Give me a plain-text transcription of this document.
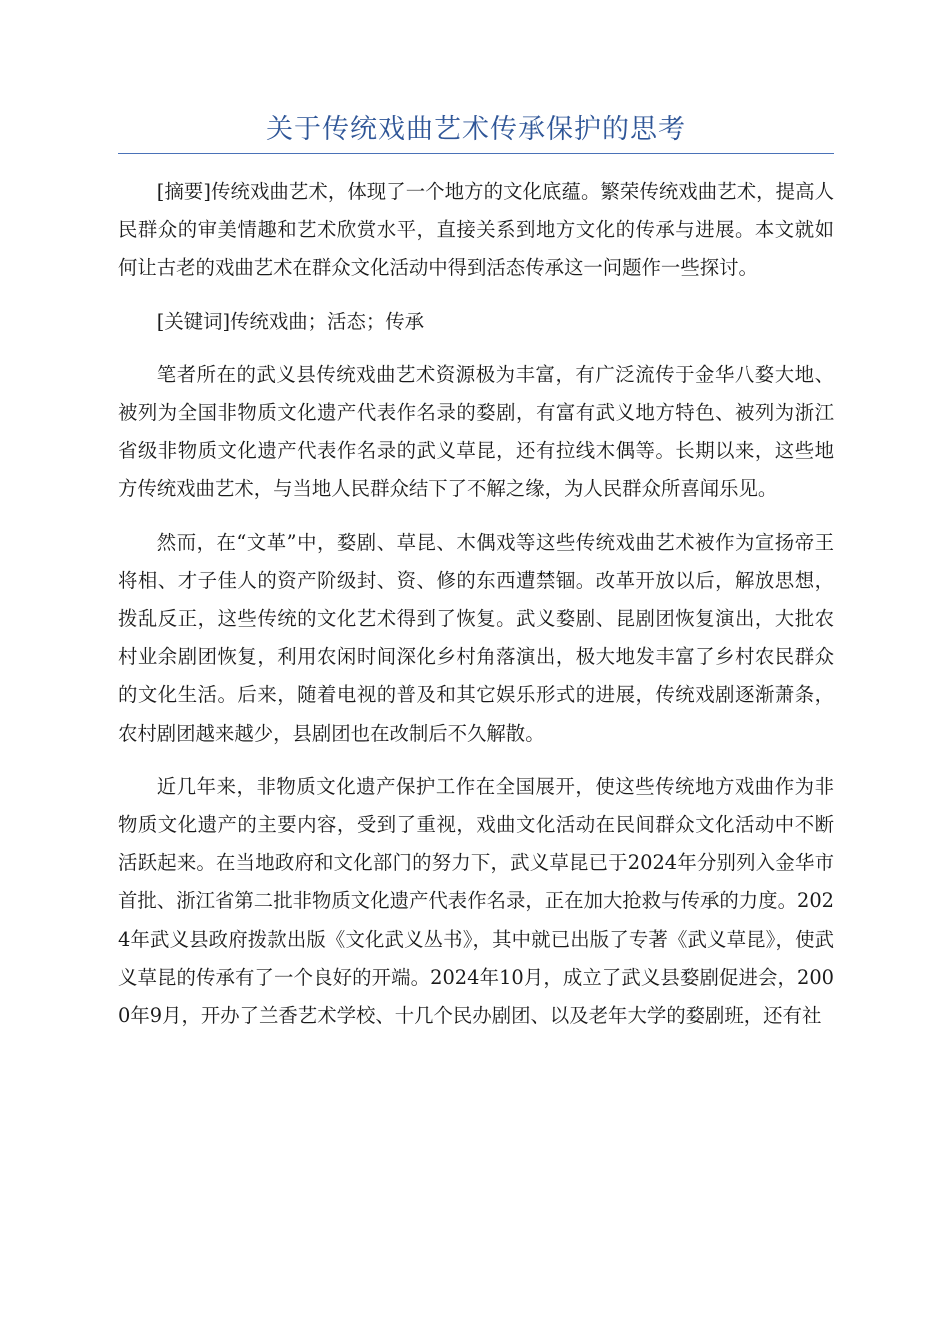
关于传统戏曲艺术传承保护的思考

[摘要]传统戏曲艺术，体现了一个地方的文化底蕴。繁荣传统戏曲艺术，提高人民群众的审美情趣和艺术欣赏水平，直接关系到地方文化的传承与进展。本文就如何让古老的戏曲艺术在群众文化活动中得到活态传承这一问题作一些探讨。

[关键词]传统戏曲；活态；传承

笔者所在的武义县传统戏曲艺术资源极为丰富，有广泛流传于金华八婺大地、被列为全国非物质文化遗产代表作名录的婺剧，有富有武义地方特色、被列为浙江省级非物质文化遗产代表作名录的武义草昆，还有拉线木偶等。长期以来，这些地方传统戏曲艺术，与当地人民群众结下了不解之缘，为人民群众所喜闻乐见。

然而，在“文革”中，婺剧、草昆、木偶戏等这些传统戏曲艺术被作为宣扬帝王将相、才子佳人的资产阶级封、资、修的东西遭禁锢。改革开放以后，解放思想，拨乱反正，这些传统的文化艺术得到了恢复。武义婺剧、昆剧团恢复演出，大批农村业余剧团恢复，利用农闲时间深化乡村角落演出，极大地发丰富了乡村农民群众的文化生活。后来，随着电视的普及和其它娱乐形式的进展，传统戏剧逐渐萧条，农村剧团越来越少，县剧团也在改制后不久解散。

近几年来，非物质文化遗产保护工作在全国展开，使这些传统地方戏曲作为非物质文化遗产的主要内容，受到了重视，戏曲文化活动在民间群众文化活动中不断活跃起来。在当地政府和文化部门的努力下，武义草昆已于2024年分别列入金华市首批、浙江省第二批非物质文化遗产代表作名录，正在加大抢救与传承的力度。2024年武义县政府拨款出版《文化武义丛书》，其中就已出版了专著《武义草昆》，使武义草昆的传承有了一个良好的开端。2024年10月，成立了武义县婺剧促进会，2000年9月，开办了兰香艺术学校、十几个民办剧团、以及老年大学的婺剧班，还有社
